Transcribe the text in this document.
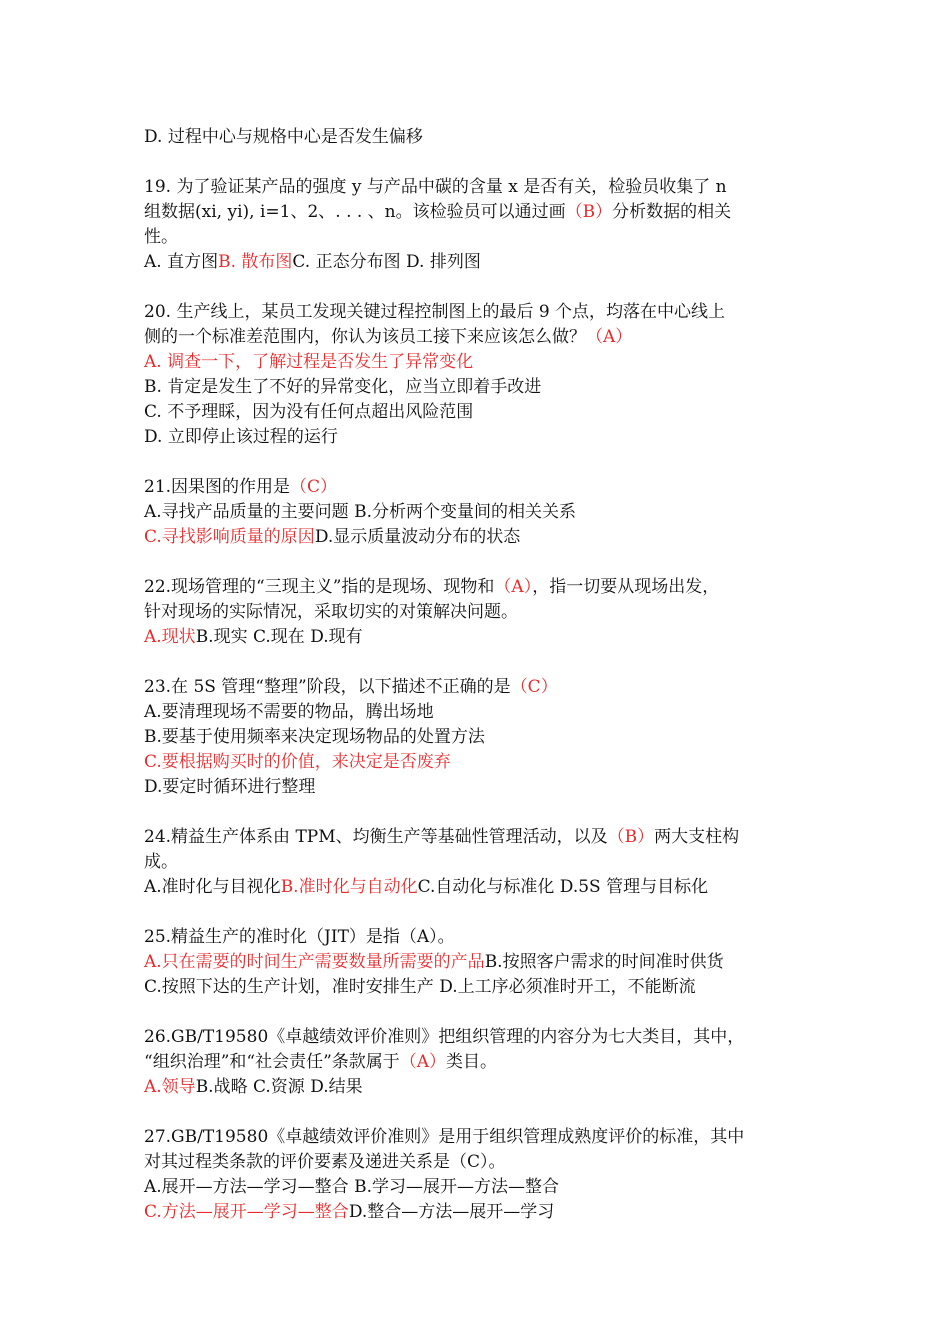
D. 过程中心与规格中心是否发生偏移
19. 为了验证某产品的强度 y 与产品中碳的含量 x 是否有关，检验员收集了 n
组数据(xi, yi), i=1、2、. . . 、n。该检验员可以通过画（B）分析数据的相关
性。
A. 直方图B. 散布图C. 正态分布图 D. 排列图
20. 生产线上，某员工发现关键过程控制图上的最后 9 个点，均落在中心线上
侧的一个标准差范围内，你认为该员工接下来应该怎么做？（A）
A. 调查一下，了解过程是否发生了异常变化
B. 肯定是发生了不好的异常变化，应当立即着手改进
C. 不予理睬，因为没有任何点超出风险范围
D. 立即停止该过程的运行
21.因果图的作用是（C）
A.寻找产品质量的主要问题 B.分析两个变量间的相关关系
C.寻找影响质量的原因D.显示质量波动分布的状态
22.现场管理的“三现主义”指的是现场、现物和（A），指一切要从现场出发，
针对现场的实际情况，采取切实的对策解决问题。
A.现状B.现实 C.现在 D.现有
23.在 5S 管理“整理”阶段，以下描述不正确的是（C）
A.要清理现场不需要的物品，腾出场地
B.要基于使用频率来决定现场物品的处置方法
C.要根据购买时的价值，来决定是否废弃
D.要定时循环进行整理
24.精益生产体系由 TPM、均衡生产等基础性管理活动，以及（B）两大支柱构
成。
A.准时化与目视化B.准时化与自动化C.自动化与标准化 D.5S 管理与目标化
25.精益生产的准时化（JIT）是指（A）。
A.只在需要的时间生产需要数量所需要的产品B.按照客户需求的时间准时供货
C.按照下达的生产计划，准时安排生产 D.上工序必须准时开工，不能断流
26.GB/T19580《卓越绩效评价准则》把组织管理的内容分为七大类目，其中，
“组织治理”和“社会责任”条款属于（A）类目。
A.领导B.战略 C.资源 D.结果
27.GB/T19580《卓越绩效评价准则》是用于组织管理成熟度评价的标准，其中
对其过程类条款的评价要素及递进关系是（C）。
A.展开—方法—学习—整合 B.学习—展开—方法—整合
C.方法—展开—学习—整合D.整合—方法—展开—学习
